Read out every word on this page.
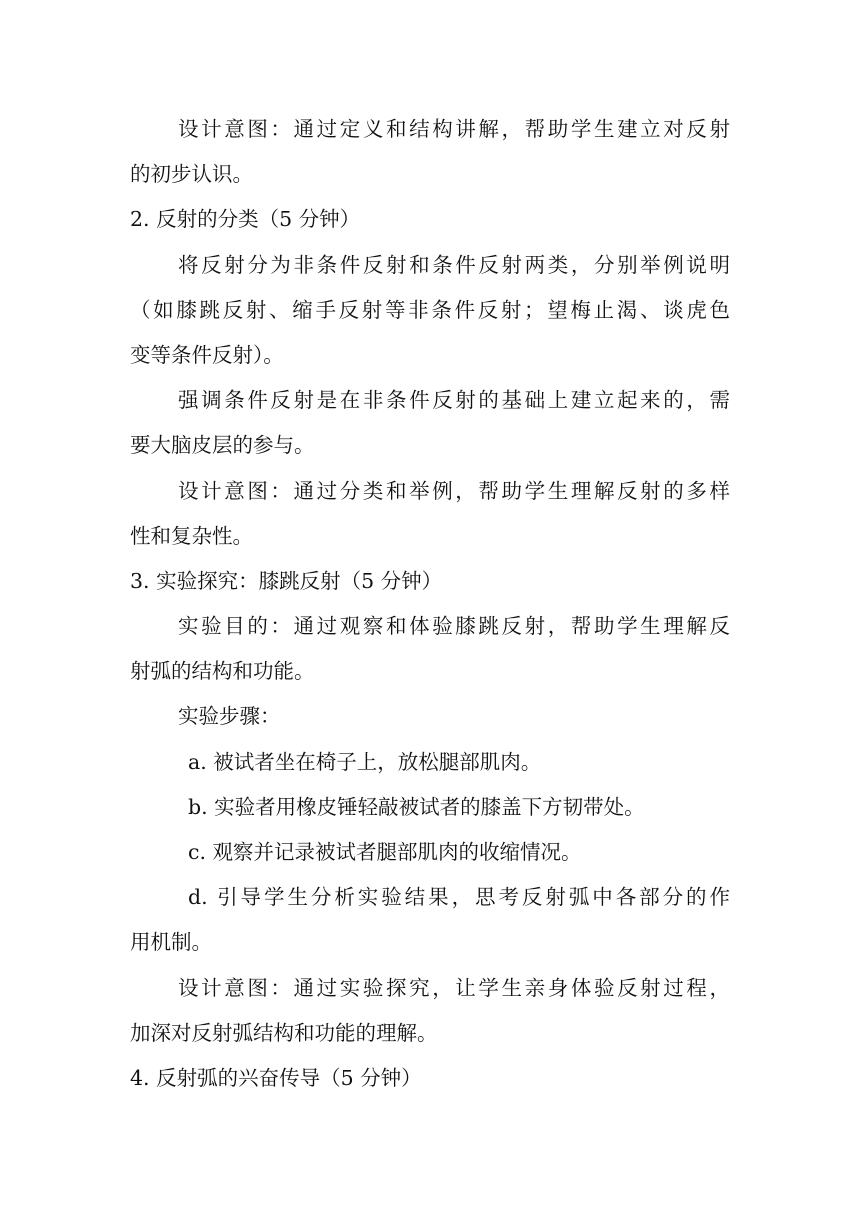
设计意图：通过定义和结构讲解，帮助学生建立对反射
的初步认识。
2. 反射的分类（5 分钟）
将反射分为非条件反射和条件反射两类，分别举例说明
（如膝跳反射、缩手反射等非条件反射；望梅止渴、谈虎色
变等条件反射）。
强调条件反射是在非条件反射的基础上建立起来的，需
要大脑皮层的参与。
设计意图：通过分类和举例，帮助学生理解反射的多样
性和复杂性。
3. 实验探究：膝跳反射（5 分钟）
实验目的：通过观察和体验膝跳反射，帮助学生理解反
射弧的结构和功能。
实验步骤：
a. 被试者坐在椅子上，放松腿部肌肉。
b. 实验者用橡皮锤轻敲被试者的膝盖下方韧带处。
c. 观察并记录被试者腿部肌肉的收缩情况。
d. 引导学生分析实验结果，思考反射弧中各部分的作
用机制。
设计意图：通过实验探究，让学生亲身体验反射过程，
加深对反射弧结构和功能的理解。
4. 反射弧的兴奋传导（5 分钟）
